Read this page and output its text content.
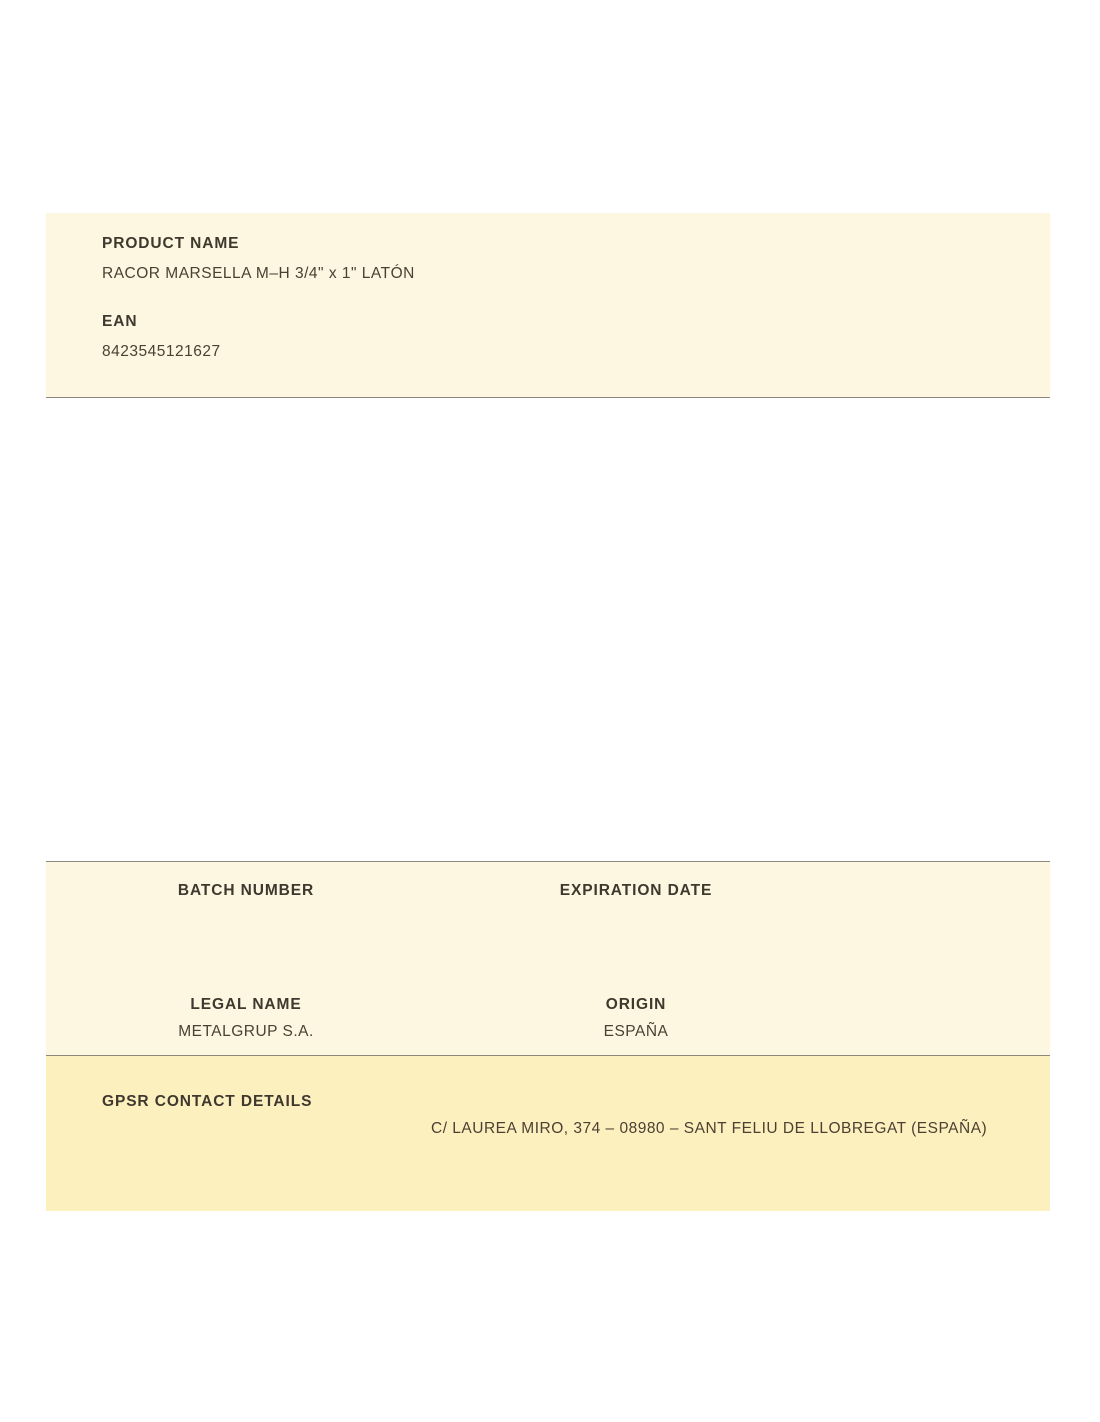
PRODUCT NAME
RACOR MARSELLA M–H 3/4" x 1" LATÓN
EAN
8423545121627
BATCH NUMBER	EXPIRATION DATE
LEGAL NAME
METALGRUP S.A.
ORIGIN
ESPAÑA
GPSR CONTACT DETAILS
C/ LAUREA MIRO, 374 – 08980 – SANT FELIU DE LLOBREGAT (ESPAÑA)
